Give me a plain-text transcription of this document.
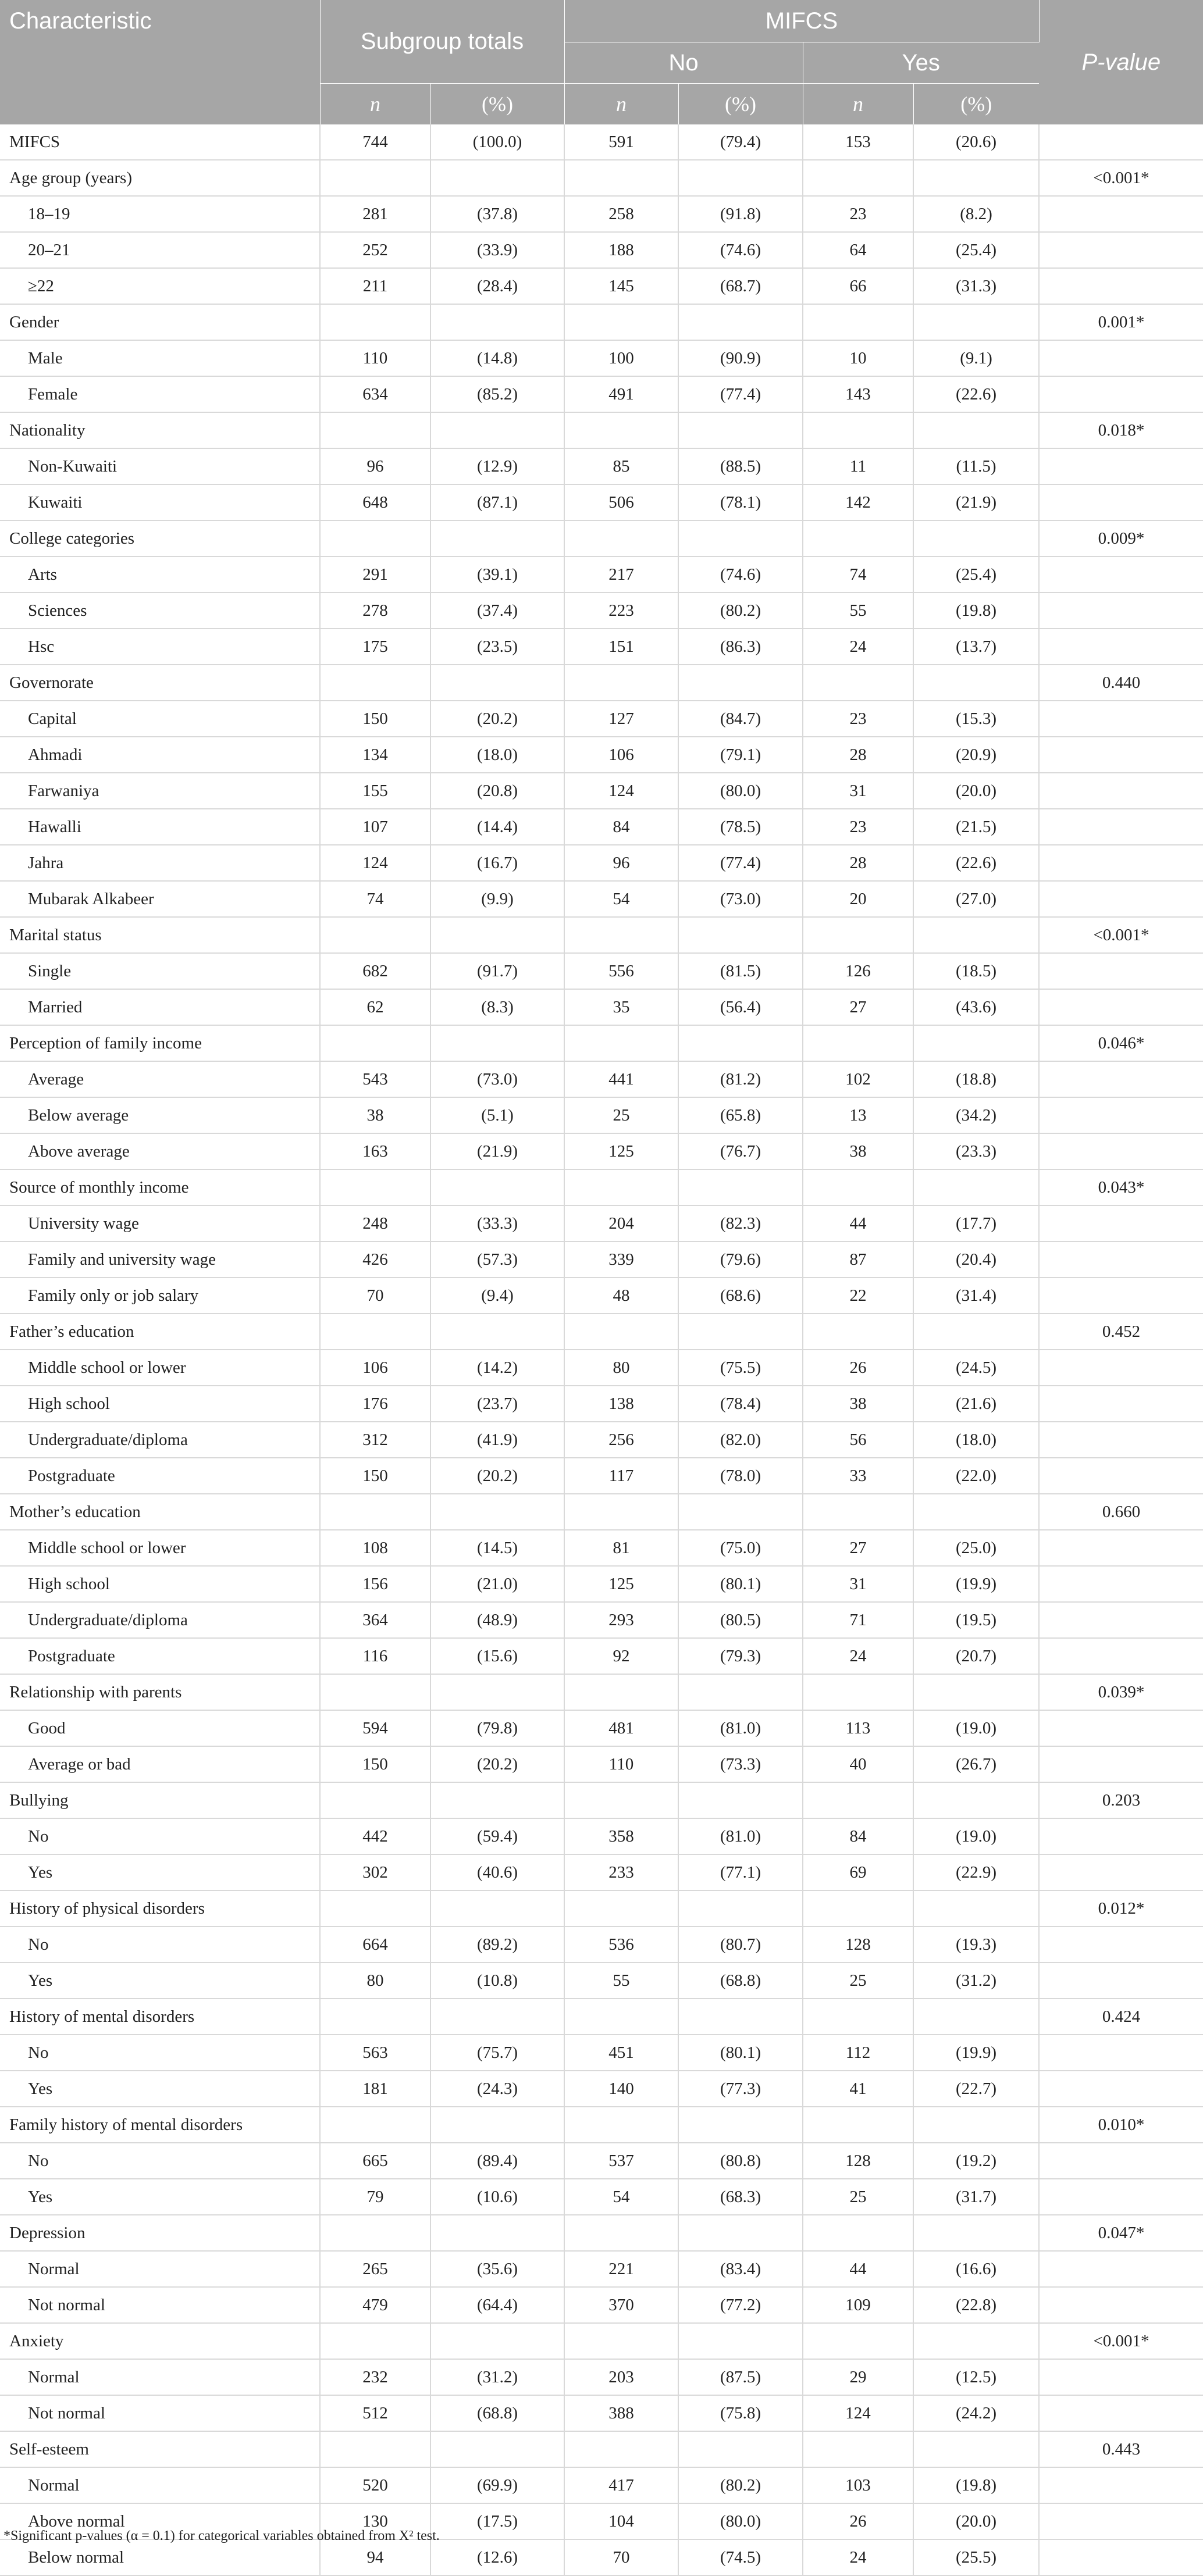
Characteristic	Subgroup totals		MIFCS				P-value
			No		Yes		
	n	(%)	n	(%)	n	(%)	
MIFCS	744	(100.0)	591	(79.4)	153	(20.6)	
Age group (years)							<0.001*
18–19	281	(37.8)	258	(91.8)	23	(8.2)	
20–21	252	(33.9)	188	(74.6)	64	(25.4)	
≥22	211	(28.4)	145	(68.7)	66	(31.3)	
Gender							0.001*
Male	110	(14.8)	100	(90.9)	10	(9.1)	
Female	634	(85.2)	491	(77.4)	143	(22.6)	
Nationality							0.018*
Non-Kuwaiti	96	(12.9)	85	(88.5)	11	(11.5)	
Kuwaiti	648	(87.1)	506	(78.1)	142	(21.9)	
College categories							0.009*
Arts	291	(39.1)	217	(74.6)	74	(25.4)	
Sciences	278	(37.4)	223	(80.2)	55	(19.8)	
Hsc	175	(23.5)	151	(86.3)	24	(13.7)	
Governorate							0.440
Capital	150	(20.2)	127	(84.7)	23	(15.3)	
Ahmadi	134	(18.0)	106	(79.1)	28	(20.9)	
Farwaniya	155	(20.8)	124	(80.0)	31	(20.0)	
Hawalli	107	(14.4)	84	(78.5)	23	(21.5)	
Jahra	124	(16.7)	96	(77.4)	28	(22.6)	
Mubarak Alkabeer	74	(9.9)	54	(73.0)	20	(27.0)	
Marital status							<0.001*
Single	682	(91.7)	556	(81.5)	126	(18.5)	
Married	62	(8.3)	35	(56.4)	27	(43.6)	
Perception of family income							0.046*
Average	543	(73.0)	441	(81.2)	102	(18.8)	
Below average	38	(5.1)	25	(65.8)	13	(34.2)	
Above average	163	(21.9)	125	(76.7)	38	(23.3)	
Source of monthly income							0.043*
University wage	248	(33.3)	204	(82.3)	44	(17.7)	
Family and university wage	426	(57.3)	339	(79.6)	87	(20.4)	
Family only or job salary	70	(9.4)	48	(68.6)	22	(31.4)	
Father’s education							0.452
Middle school or lower	106	(14.2)	80	(75.5)	26	(24.5)	
High school	176	(23.7)	138	(78.4)	38	(21.6)	
Undergraduate/diploma	312	(41.9)	256	(82.0)	56	(18.0)	
Postgraduate	150	(20.2)	117	(78.0)	33	(22.0)	
Mother’s education							0.660
Middle school or lower	108	(14.5)	81	(75.0)	27	(25.0)	
High school	156	(21.0)	125	(80.1)	31	(19.9)	
Undergraduate/diploma	364	(48.9)	293	(80.5)	71	(19.5)	
Postgraduate	116	(15.6)	92	(79.3)	24	(20.7)	
Relationship with parents							0.039*
Good	594	(79.8)	481	(81.0)	113	(19.0)	
Average or bad	150	(20.2)	110	(73.3)	40	(26.7)	
Bullying							0.203
No	442	(59.4)	358	(81.0)	84	(19.0)	
Yes	302	(40.6)	233	(77.1)	69	(22.9)	
History of physical disorders							0.012*
No	664	(89.2)	536	(80.7)	128	(19.3)	
Yes	80	(10.8)	55	(68.8)	25	(31.2)	
History of mental disorders							0.424
No	563	(75.7)	451	(80.1)	112	(19.9)	
Yes	181	(24.3)	140	(77.3)	41	(22.7)	
Family history of mental disorders							0.010*
No	665	(89.4)	537	(80.8)	128	(19.2)	
Yes	79	(10.6)	54	(68.3)	25	(31.7)	
Depression							0.047*
Normal	265	(35.6)	221	(83.4)	44	(16.6)	
Not normal	479	(64.4)	370	(77.2)	109	(22.8)	
Anxiety							<0.001*
Normal	232	(31.2)	203	(87.5)	29	(12.5)	
Not normal	512	(68.8)	388	(75.8)	124	(24.2)	
Self-esteem							0.443
Normal	520	(69.9)	417	(80.2)	103	(19.8)	
Above normal	130	(17.5)	104	(80.0)	26	(20.0)	
Below normal	94	(12.6)	70	(74.5)	24	(25.5)	
*Significant p-values (α = 0.1) for categorical variables obtained from X² test.
